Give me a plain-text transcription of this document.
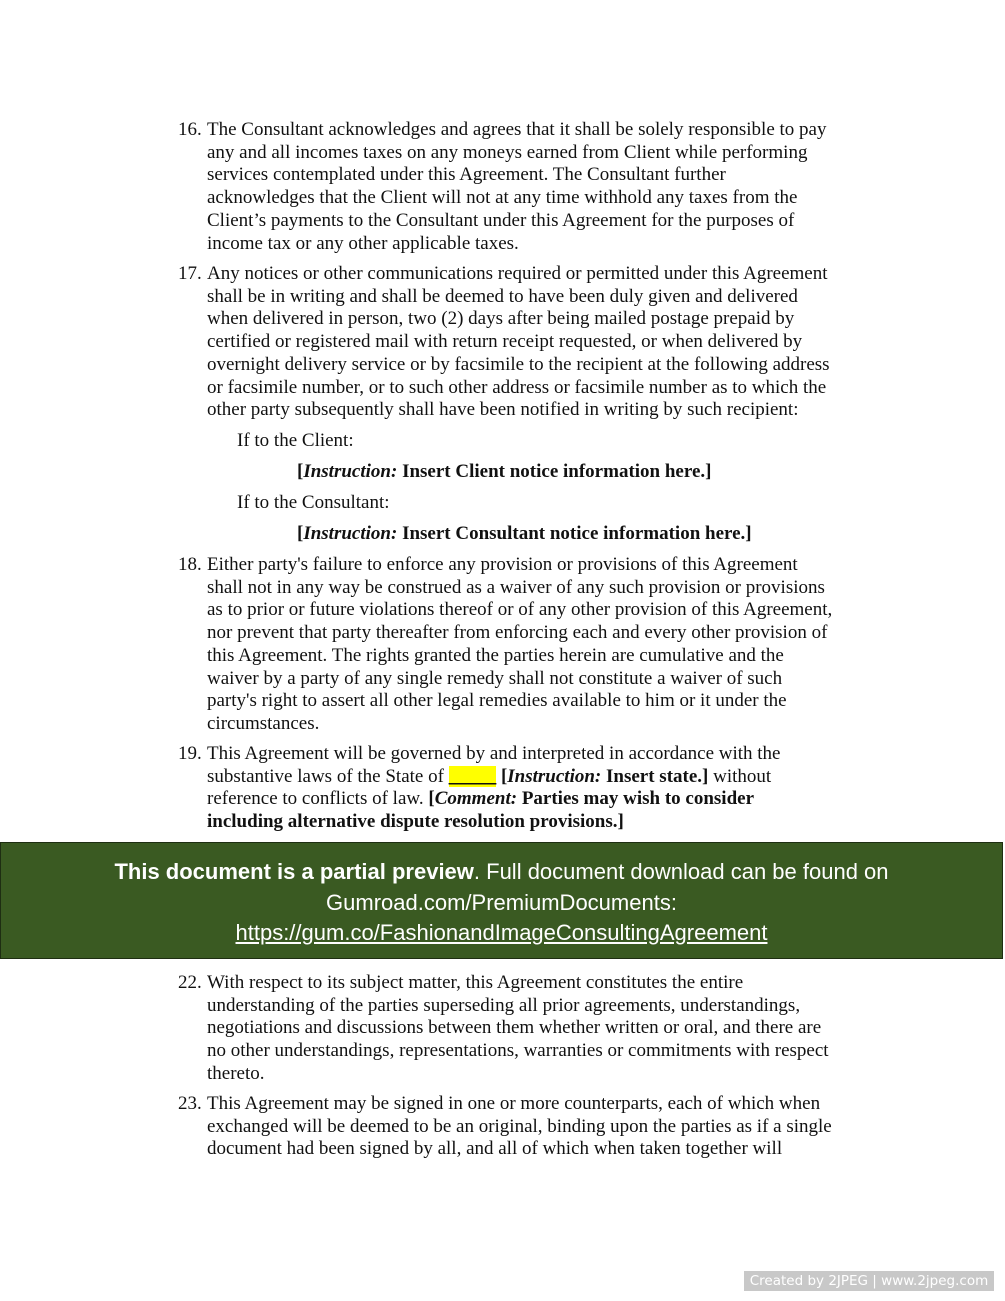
16. The Consultant acknowledges and agrees that it shall be solely responsible to pay
any and all incomes taxes on any moneys earned from Client while performing
services contemplated under this Agreement. The Consultant further
acknowledges that the Client will not at any time withhold any taxes from the
Client’s payments to the Consultant under this Agreement for the purposes of
income tax or any other applicable taxes.
17. Any notices or other communications required or permitted under this Agreement
shall be in writing and shall be deemed to have been duly given and delivered
when delivered in person, two (2) days after being mailed postage prepaid by
certified or registered mail with return receipt requested, or when delivered by
overnight delivery service or by facsimile to the recipient at the following address
or facsimile number, or to such other address or facsimile number as to which the
other party subsequently shall have been notified in writing by such recipient:
If to the Client:
[Instruction: Insert Client notice information here.]
If to the Consultant:
[Instruction: Insert Consultant notice information here.]
18. Either party's failure to enforce any provision or provisions of this Agreement
shall not in any way be construed as a waiver of any such provision or provisions
as to prior or future violations thereof or of any other provision of this Agreement,
nor prevent that party thereafter from enforcing each and every other provision of
this Agreement. The rights granted the parties herein are cumulative and the
waiver by a party of any single remedy shall not constitute a waiver of such
party's right to assert all other legal remedies available to him or it under the
circumstances.
19. This Agreement will be governed by and interpreted in accordance with the
substantive laws of the State of _____ [Instruction: Insert state.] without
reference to conflicts of law. [Comment: Parties may wish to consider
including alternative dispute resolution provisions.]
This document is a partial preview. Full document download can be found on
Gumroad.com/PremiumDocuments:
https://gum.co/FashionandImageConsultingAgreement
22. With respect to its subject matter, this Agreement constitutes the entire
understanding of the parties superseding all prior agreements, understandings,
negotiations and discussions between them whether written or oral, and there are
no other understandings, representations, warranties or commitments with respect
thereto.
23. This Agreement may be signed in one or more counterparts, each of which when
exchanged will be deemed to be an original, binding upon the parties as if a single
document had been signed by all, and all of which when taken together will
Created by 2JPEG | www.2jpeg.com
